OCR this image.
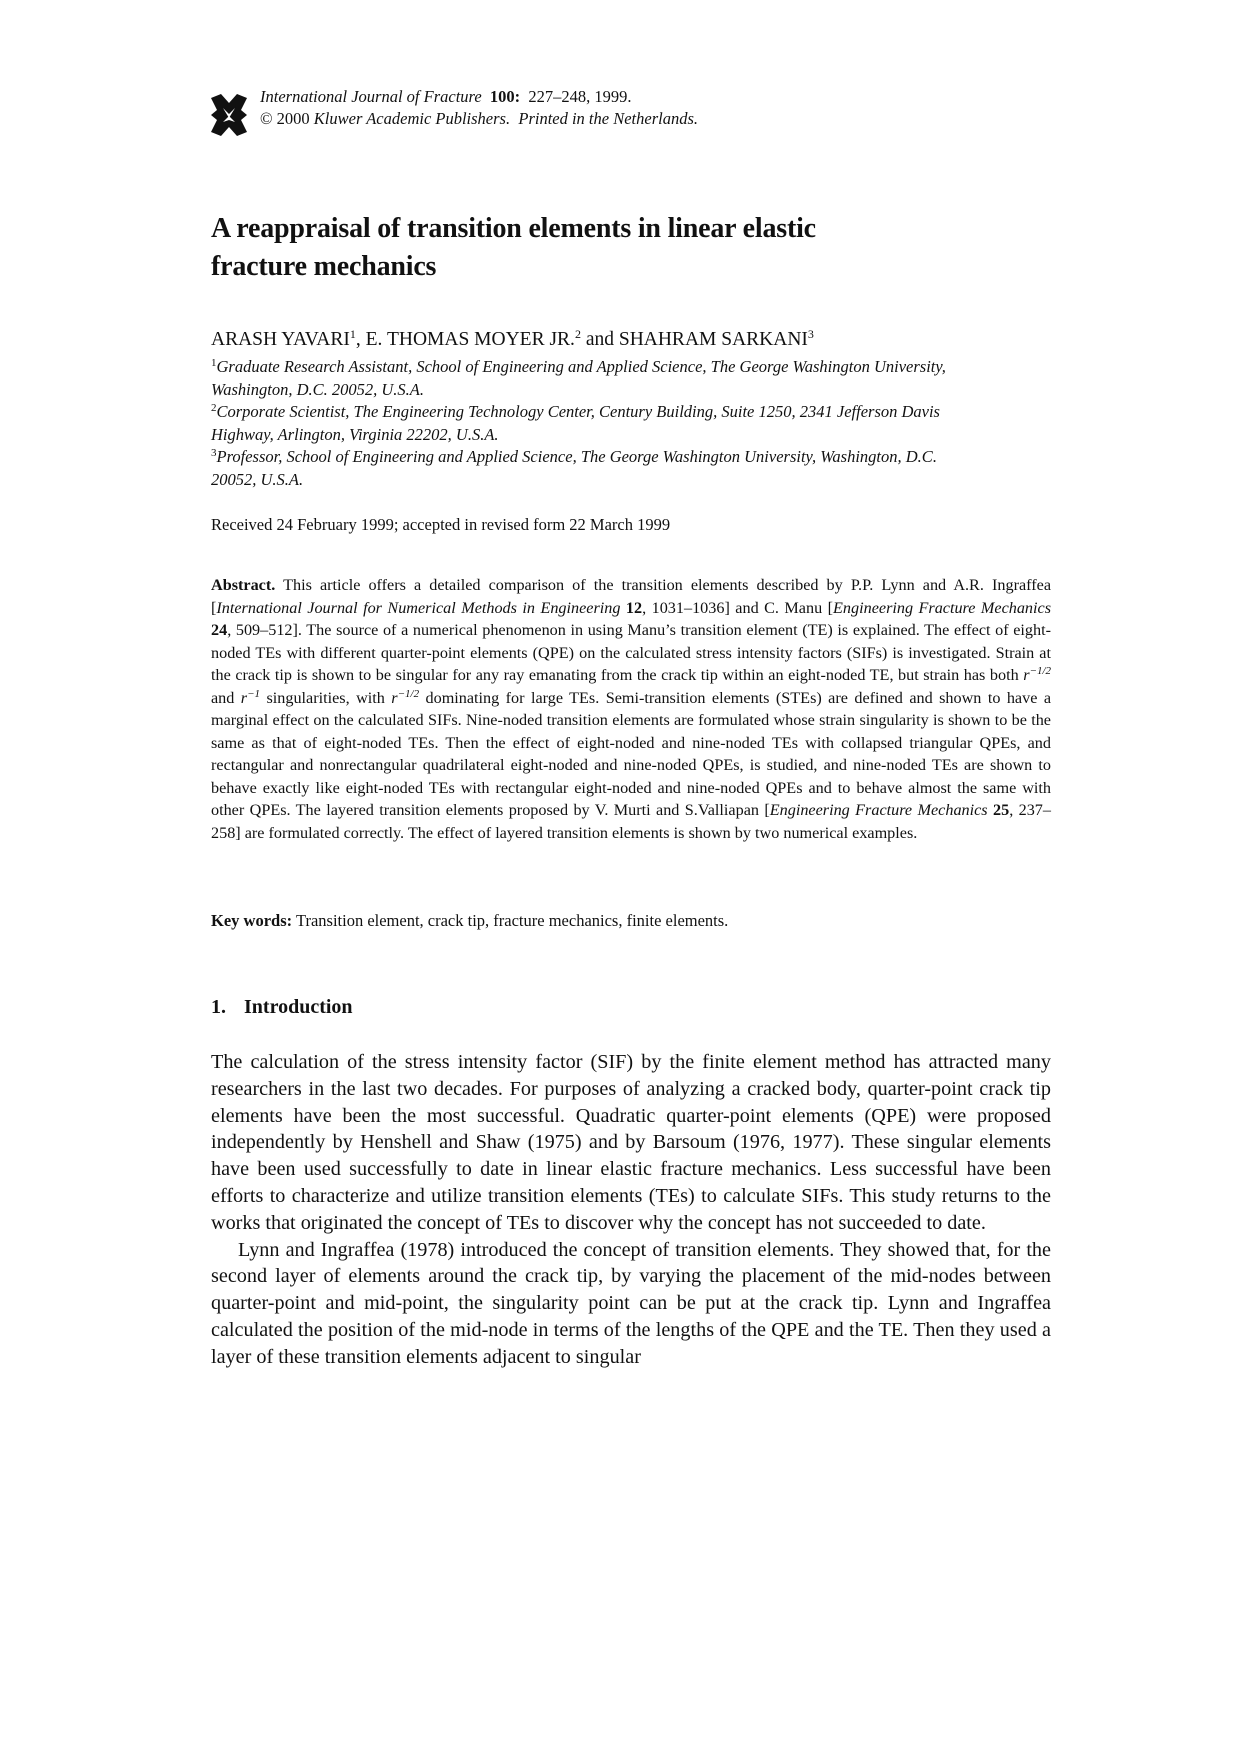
International Journal of Fracture 100: 227–248, 1999.
© 2000 Kluwer Academic Publishers. Printed in the Netherlands.
A reappraisal of transition elements in linear elastic
fracture mechanics
ARASH YAVARI$^1$, E. THOMAS MOYER JR.$^2$ and SHAHRAM SARKANI$^3$
$^1$Graduate Research Assistant, School of Engineering and Applied Science, The George Washington University,
Washington, D.C. 20052, U.S.A.
$^2$Corporate Scientist, The Engineering Technology Center, Century Building, Suite 1250, 2341 Jefferson Davis
Highway, Arlington, Virginia 22202, U.S.A.
$^3$Professor, School of Engineering and Applied Science, The George Washington University, Washington, D.C.
20052, U.S.A.
Received 24 February 1999; accepted in revised form 22 March 1999
Abstract. This article offers a detailed comparison of the transition elements described by P.P. Lynn and A.R. Ingraffea [International Journal for Numerical Methods in Engineering 12, 1031–1036] and C. Manu [Engineering Fracture Mechanics 24, 509–512]. The source of a numerical phenomenon in using Manu’s transition element (TE) is explained. The effect of eight-noded TEs with different quarter-point elements (QPE) on the calculated stress intensity factors (SIFs) is investigated. Strain at the crack tip is shown to be singular for any ray emanating from the crack tip within an eight-noded TE, but strain has both $r^{-1/2}$ and $r^{-1}$ singularities, with $r^{-1/2}$ dominating for large TEs. Semi-transition elements (STEs) are defined and shown to have a marginal effect on the calculated SIFs. Nine-noded transition elements are formulated whose strain singularity is shown to be the same as that of eight-noded TEs. Then the effect of eight-noded and nine-noded TEs with collapsed triangular QPEs, and rectangular and nonrectangular quadrilateral eight-noded and nine-noded QPEs, is studied, and nine-noded TEs are shown to behave exactly like eight-noded TEs with rectangular eight-noded and nine-noded QPEs and to behave almost the same with other QPEs. The layered transition elements proposed by V. Murti and S.Valliapan [Engineering Fracture Mechanics 25, 237–258] are formulated correctly. The effect of layered transition elements is shown by two numerical examples.
Key words: Transition element, crack tip, fracture mechanics, finite elements.
1. Introduction

The calculation of the stress intensity factor (SIF) by the finite element method has attracted many researchers in the last two decades. For purposes of analyzing a cracked body, quarter-point crack tip elements have been the most successful. Quadratic quarter-point elements (QPE) were proposed independently by Henshell and Shaw (1975) and by Barsoum (1976, 1977). These singular elements have been used successfully to date in linear elastic fracture mechanics. Less successful have been efforts to characterize and utilize transition elements (TEs) to calculate SIFs. This study returns to the works that originated the concept of TEs to discover why the concept has not succeeded to date.

Lynn and Ingraffea (1978) introduced the concept of transition elements. They showed that, for the second layer of elements around the crack tip, by varying the placement of the mid-nodes between quarter-point and mid-point, the singularity point can be put at the crack tip. Lynn and Ingraffea calculated the position of the mid-node in terms of the lengths of the QPE and the TE. Then they used a layer of these transition elements adjacent to singular
